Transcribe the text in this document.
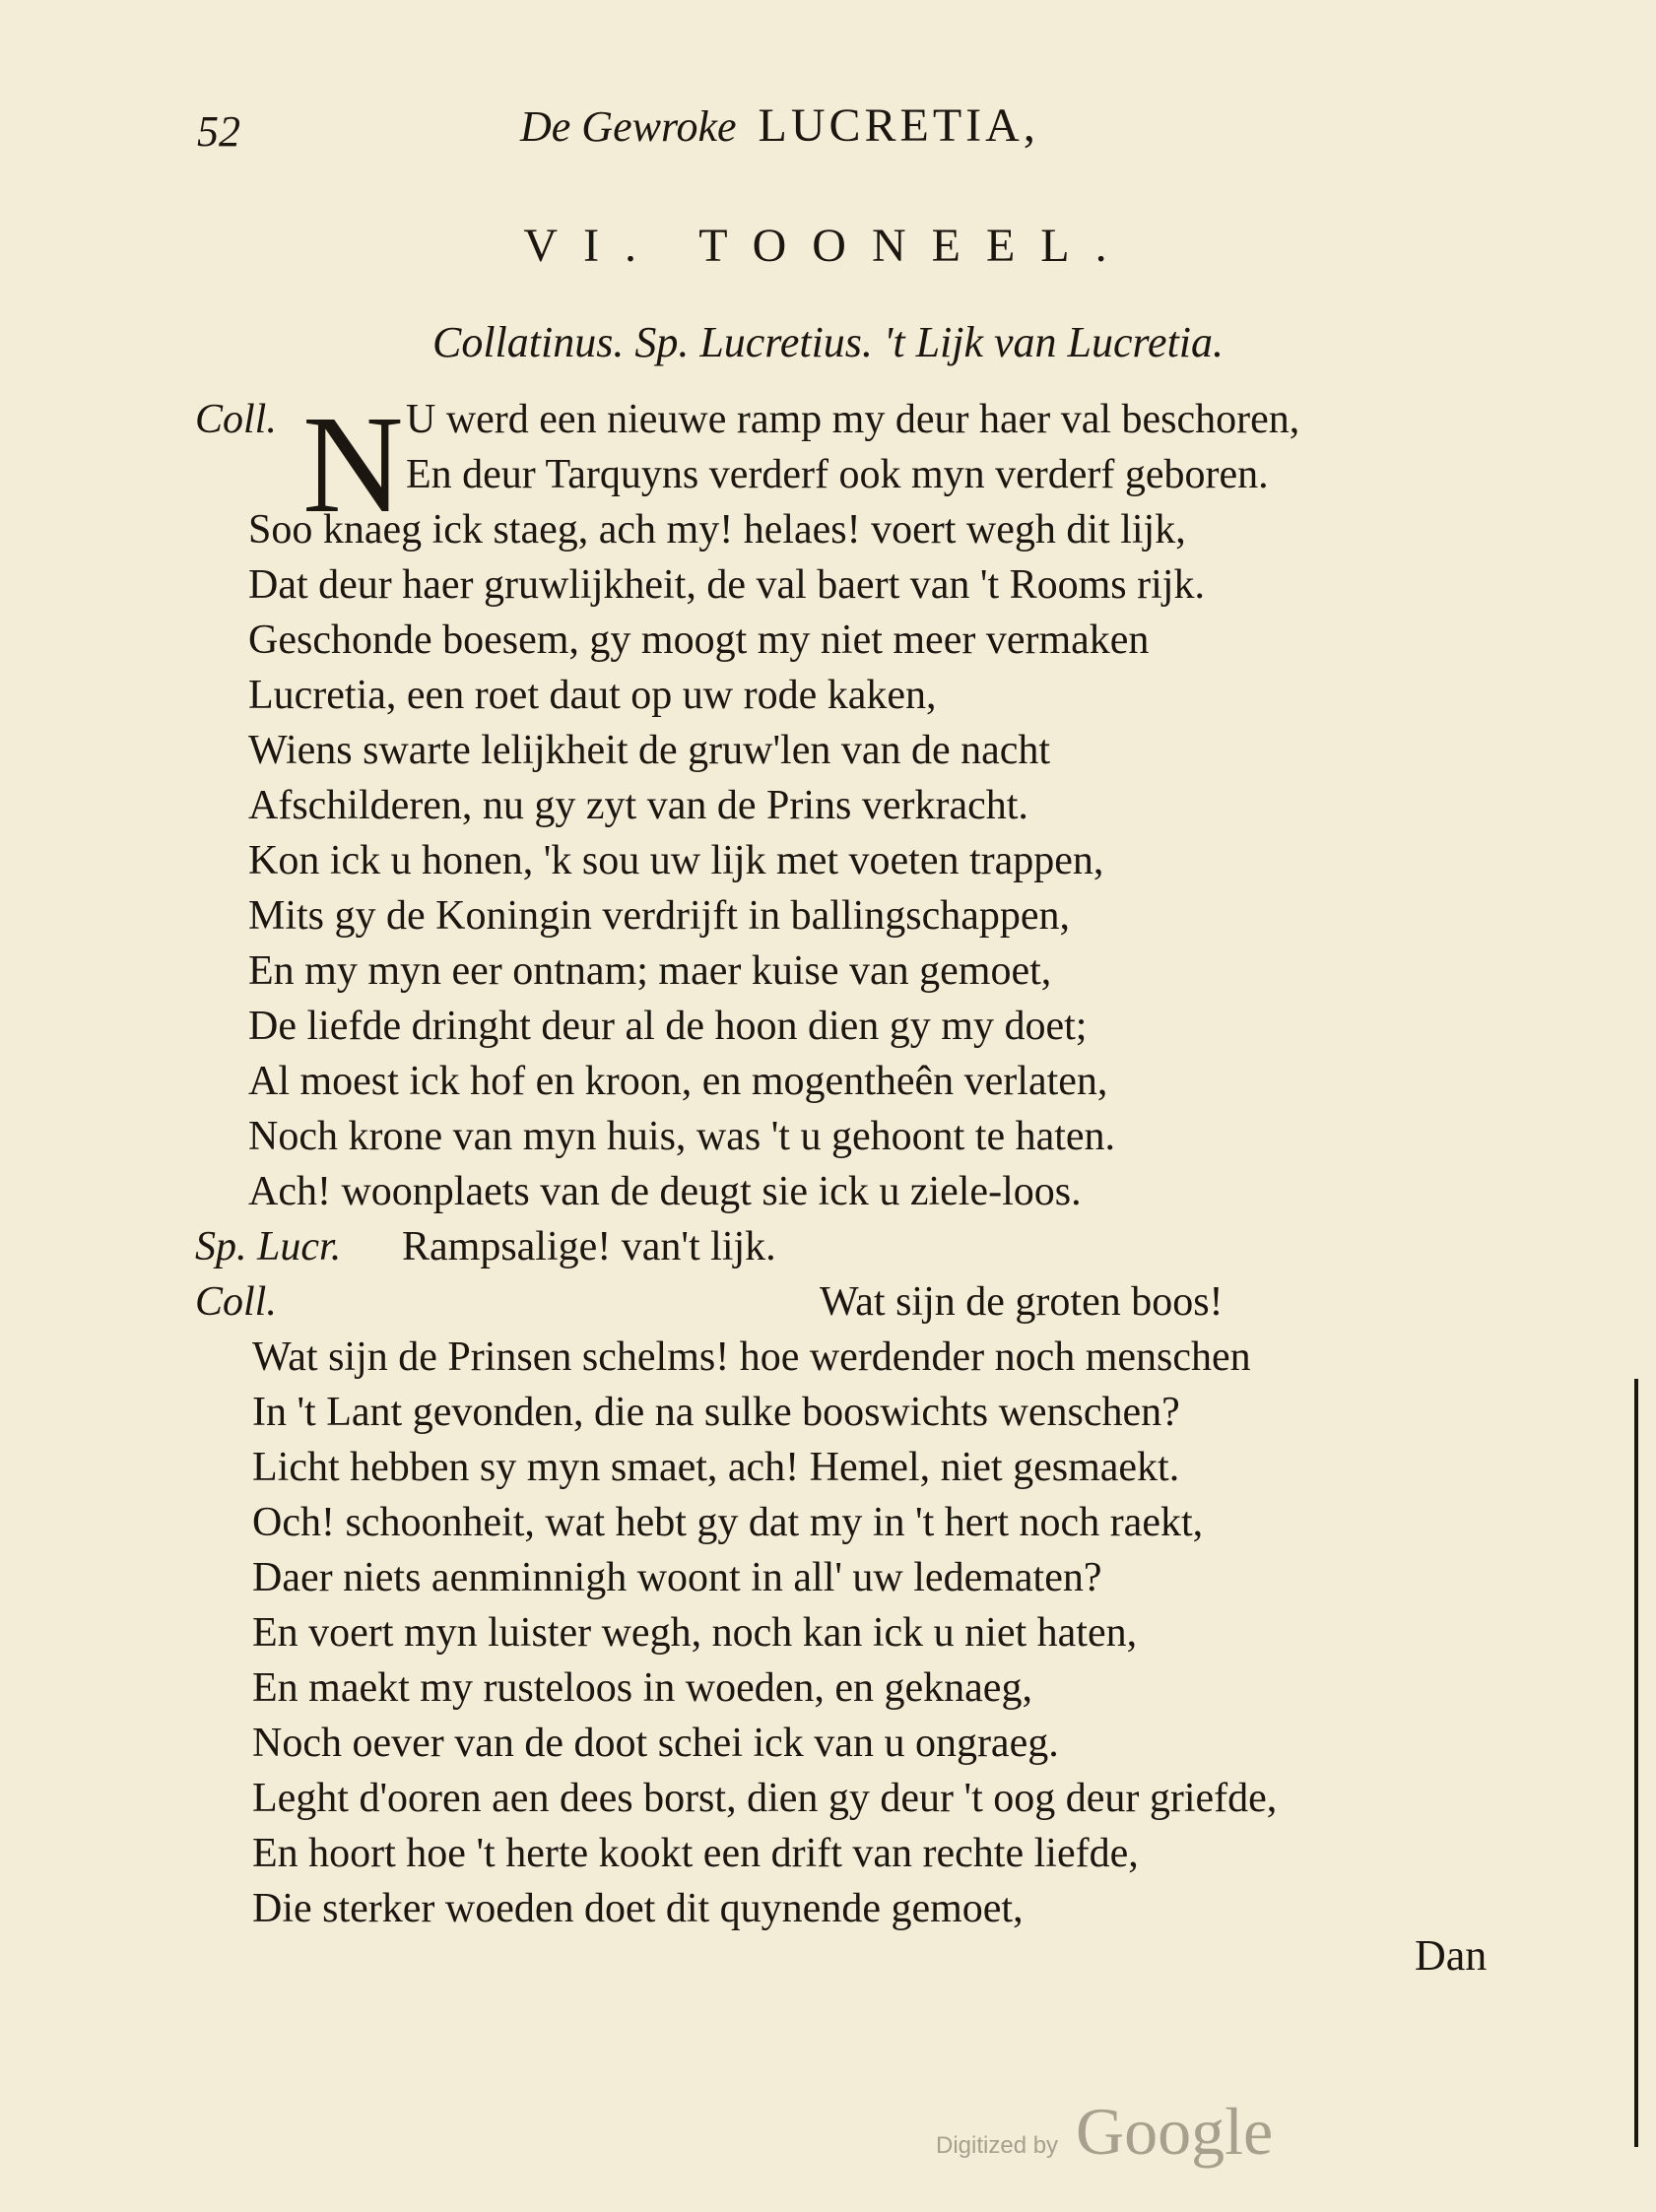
52	De Gewroke LUCRETIA,
VI. TOONEEL.
Collatinus. Sp. Lucretius. 't Lijk van Lucretia.
Coll. N U werd een nieuwe ramp my deur haer val beschoren,
En deur Tarquyns verderf ook myn verderf geboren.
Soo knaeg ick staeg, ach my! helaes! voert wegh dit lijk,
Dat deur haer gruwlijkheit, de val baert van 't Rooms rijk.
Geschonde boesem, gy moogt my niet meer vermaken
Lucretia, een roet daut op uw rode kaken,
Wiens swarte lelijkheit de gruw'len van de nacht
Afschilderen, nu gy zyt van de Prins verkracht.
Kon ick u honen, 'k sou uw lijk met voeten trappen,
Mits gy de Koningin verdrijft in ballingschappen,
En my myn eer ontnam; maer kuise van gemoet,
De liefde dringht deur al de hoon dien gy my doet;
Al moest ick hof en kroon, en mogentheên verlaten,
Noch krone van myn huis, was 't u gehoont te haten.
Ach! woonplaets van de deugt sie ick u ziele-loos.
Sp. Lucr. Rampsalige! van't lijk.
Coll.	Wat sijn de groten boos!
Wat sijn de Prinsen schelms! hoe werdender noch menschen
In 't Lant gevonden, die na sulke booswichts wenschen?
Licht hebben sy myn smaet, ach! Hemel, niet gesmaekt.
Och! schoonheit, wat hebt gy dat my in 't hert noch raekt,
Daer niets aenminnigh woont in all' uw ledematen?
En voert myn luister wegh, noch kan ick u niet haten,
En maekt my rusteloos in woeden, en geknaeg,
Noch oever van de doot schei ick van u ongraeg.
Leght d'ooren aen dees borst, dien gy deur 't oog deur griefde,
En hoort hoe 't herte kookt een drift van rechte liefde,
Die sterker woeden doet dit quynende gemoet,
Dan
Digitized by Google
